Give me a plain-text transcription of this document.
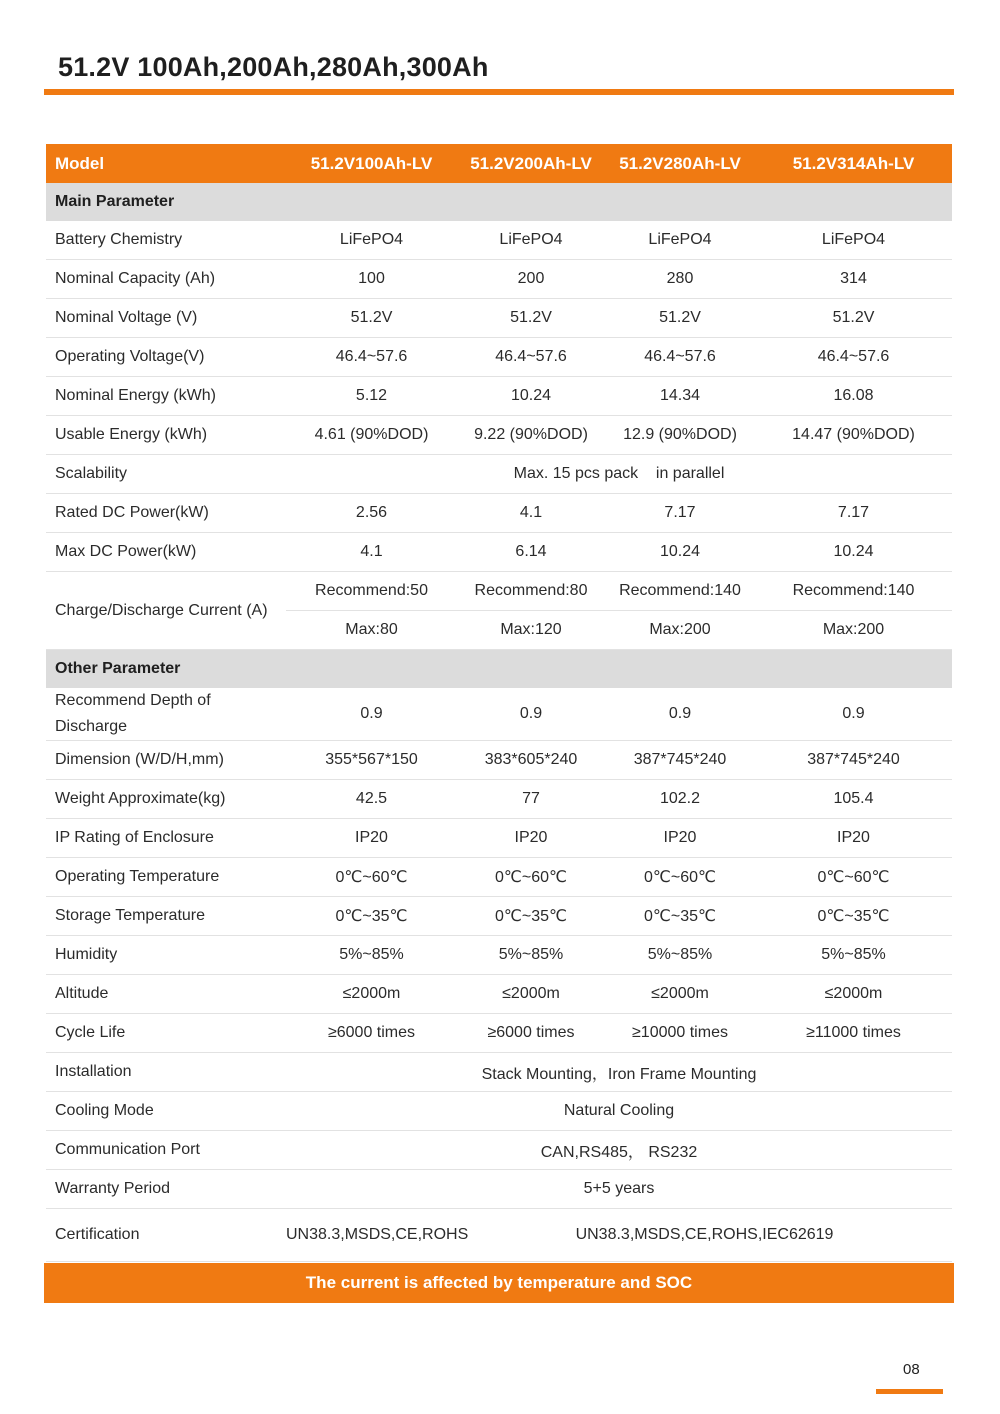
51.2V 100Ah,200Ah,280Ah,300Ah
Model	51.2V100Ah-LV	51.2V200Ah-LV	51.2V280Ah-LV	51.2V314Ah-LV
Main Parameter				
Battery Chemistry	LiFePO4	LiFePO4	LiFePO4	LiFePO4
Nominal Capacity (Ah)	100	200	280	314
Nominal Voltage (V)	51.2V	51.2V	51.2V	51.2V
Operating Voltage(V)	46.4~57.6	46.4~57.6	46.4~57.6	46.4~57.6
Nominal Energy (kWh)	5.12	10.24	14.34	16.08
Usable Energy (kWh)	4.61 (90%DOD)	9.22 (90%DOD)	12.9 (90%DOD)	14.47 (90%DOD)
Scalability	Max. 15 pcs pack    in parallel			
Rated DC Power(kW)	2.56	4.1	7.17	7.17
Max DC Power(kW)	4.1	6.14	10.24	10.24
Charge/Discharge Current (A)	Recommend:50	Recommend:80	Recommend:140	Recommend:140
	Max:80	Max:120	Max:200	Max:200
Other Parameter				
Recommend Depth of Discharge	0.9	0.9	0.9	0.9
Dimension (W/D/H,mm)	355*567*150	383*605*240	387*745*240	387*745*240
Weight Approximate(kg)	42.5	77	102.2	105.4
IP Rating of Enclosure	IP20	IP20	IP20	IP20
Operating Temperature	0℃~60℃	0℃~60℃	0℃~60℃	0℃~60℃
Storage Temperature	0℃~35℃	0℃~35℃	0℃~35℃	0℃~35℃
Humidity	5%~85%	5%~85%	5%~85%	5%~85%
Altitude	≤2000m	≤2000m	≤2000m	≤2000m
Cycle Life	≥6000 times	≥6000 times	≥10000 times	≥11000 times
Installation	Stack Mounting，Iron Frame Mounting			
Cooling Mode	Natural Cooling			
Communication Port	CAN,RS485， RS232			
Warranty Period	5+5 years			
Certification	UN38.3,MSDS,CE,ROHS	UN38.3,MSDS,CE,ROHS,IEC62619		
The current is affected by temperature and SOC
08
